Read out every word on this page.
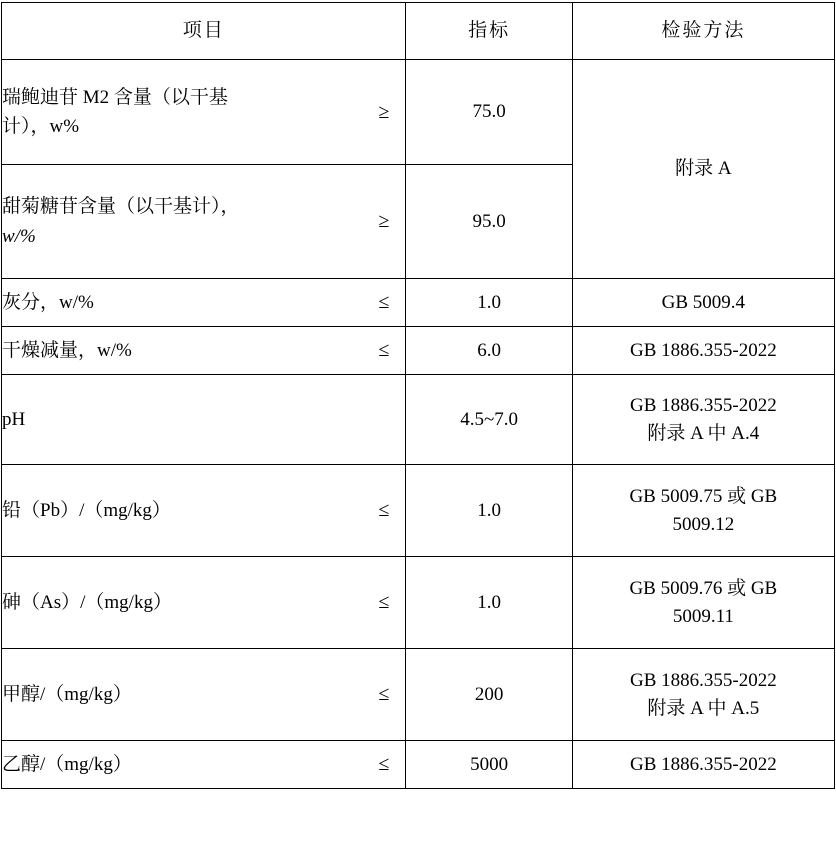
项目	指标	检验方法

瑞鲍迪苷 M2 含量（以干基
计），w%
≥	75.0	附录 A

甜菊糖苷含量（以干基计），
w/%
≥	95.0	

灰分，w/% ≤	1.0	GB 5009.4

干燥减量，w/% ≤	6.0	GB 1886.355-2022

pH	4.5~7.0	GB 1886.355-2022
附录 A 中 A.4

铅（Pb）/（mg/kg）	≤	1.0	
GB 5009.75 或 GB
5009.12

砷（As）/（mg/kg）	≤	1.0	
GB 5009.76 或 GB
5009.11

甲醇/（mg/kg）	≤	200	
GB 1886.355-2022
附录 A 中 A.5

乙醇/（mg/kg） ≤	5000	GB 1886.355-2022
